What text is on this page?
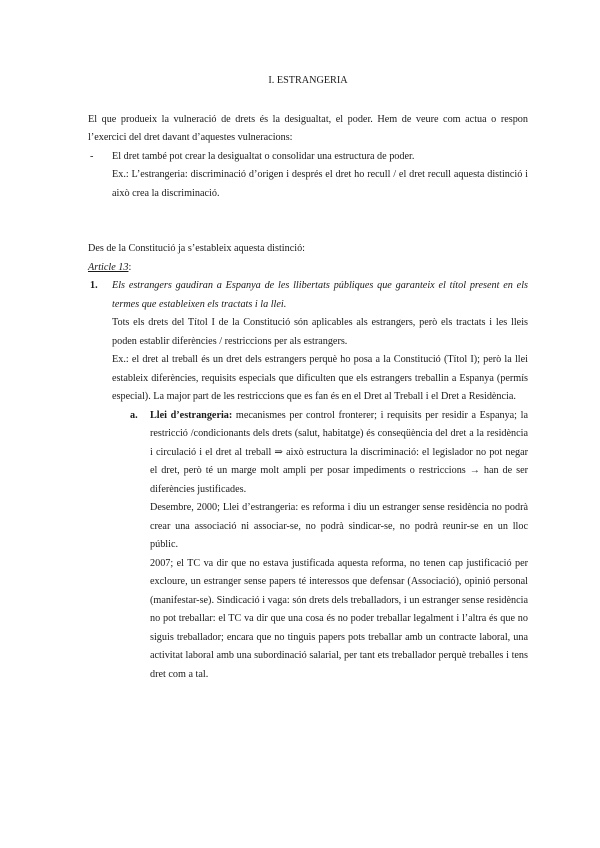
I. ESTRANGERIA

El que produeix la vulneració de drets és la desigualtat, el poder. Hem de veure com actua o respon l’exercici del dret davant d’aquestes vulneracions:

-	El dret també pot crear la desigualtat o consolidar una estructura de poder.

Ex.: L’estrangeria: discriminació d’origen i després el dret ho recull / el dret recull aquesta distinció i això crea la discriminació.

Des de la Constitució ja s’estableix aquesta distinció:

Article 13:

1.	Els estrangers gaudiran a Espanya de les llibertats públiques que garanteix el títol present en els termes que estableixen els tractats i la llei.

Tots els drets del Títol I de la Constitució són aplicables als estrangers, però els tractats i les lleis poden establir diferències / restriccions per als estrangers.

Ex.: el dret al treball és un dret dels estrangers perquè ho posa a la Constitució (Títol I); però la llei estableix diferències, requisits especials que dificulten que els estrangers treballin a Espanya (permís especial). La major part de les restriccions que es fan és en el Dret al Treball i el Dret a Residència.

a.	Llei d’estrangeria: mecanismes per control fronterer; i requisits per residir a Espanya; la restricció /condicionants dels drets (salut, habitatge) és conseqüència del dret a la residència i circulació i el dret al treball ⇒ això estructura la discriminació: el legislador no pot negar el dret, però té un marge molt ampli per posar impediments o restriccions → han de ser diferències justificades.

Desembre, 2000; Llei d’estrangeria: es reforma i diu un estranger sense residència no podrà crear una associació ni associar-se, no podrà sindicar-se, no podrà reunir-se en un lloc públic.

2007; el TC va dir que no estava justificada aquesta reforma, no tenen cap justificació per excloure, un estranger sense papers té interessos que defensar (Associació), opinió personal (manifestar-se). Sindicació i vaga: són drets dels treballadors, i un estranger sense residència no pot treballar: el TC va dir que una cosa és no poder treballar legalment i l’altra és que no siguis treballador; encara que no tinguis papers pots treballar amb un contracte laboral, una activitat laboral amb una subordinació salarial, per tant ets treballador perquè treballes i tens dret com a tal.
